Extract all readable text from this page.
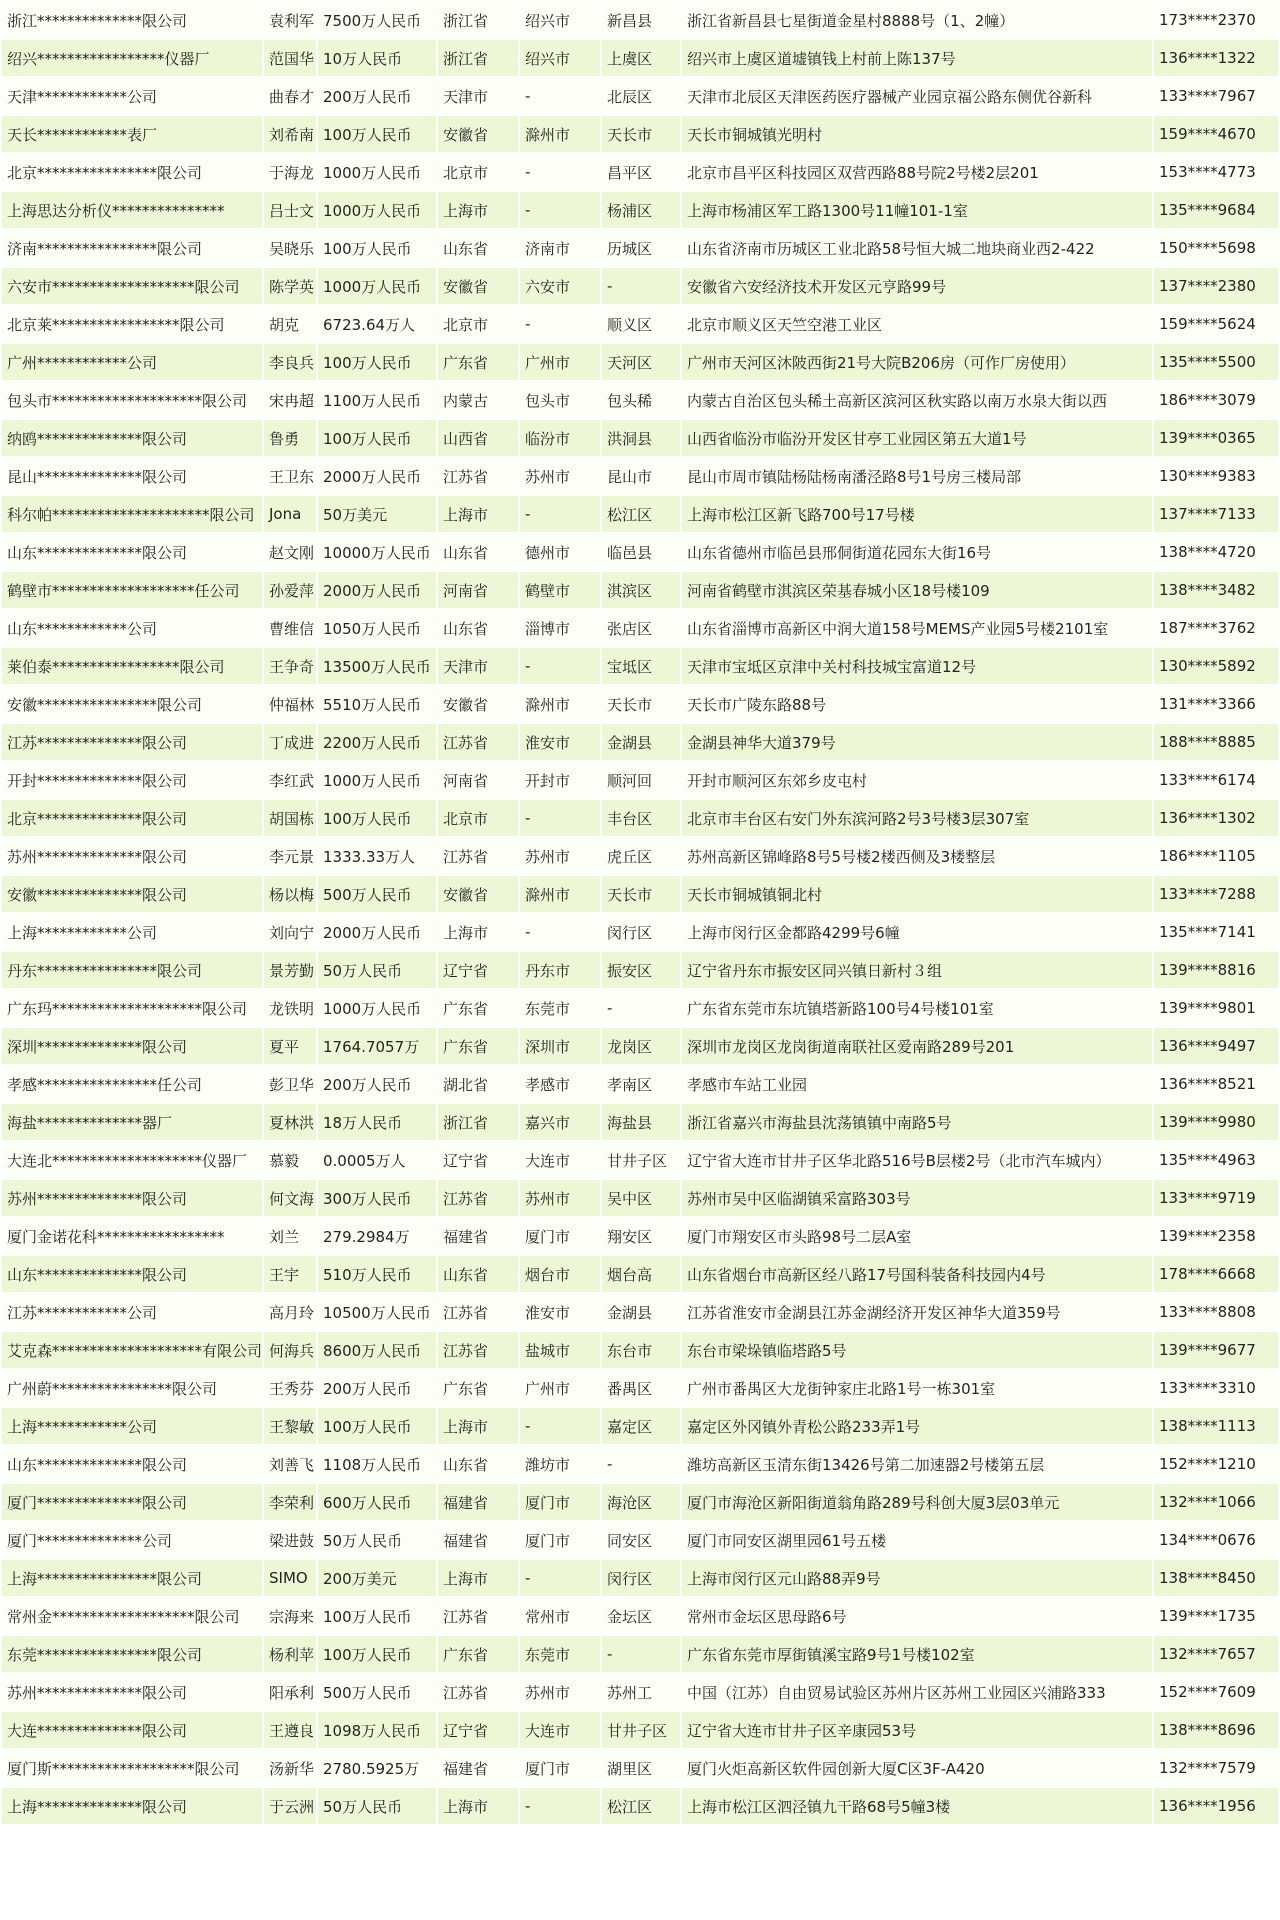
浙江**************限公司	袁利军	7500万人民币	浙江省	绍兴市	新昌县	浙江省新昌县七星街道金星村8888号（1、2幢）	173****2370
绍兴*****************仪器厂	范国华	10万人民币	浙江省	绍兴市	上虞区	绍兴市上虞区道墟镇钱上村前上陈137号	136****1322
天津************公司	曲春才	200万人民币	天津市	-	北辰区	天津市北辰区天津医药医疗器械产业园京福公路东侧优谷新科	133****7967
天长************表厂	刘希南	100万人民币	安徽省	滁州市	天长市	天长市铜城镇光明村	159****4670
北京****************限公司	于海龙	1000万人民币	北京市	-	昌平区	北京市昌平区科技园区双营西路88号院2号楼2层201	153****4773
上海思达分析仪***************	吕士文	1000万人民币	上海市	-	杨浦区	上海市杨浦区军工路1300号11幢101-1室	135****9684
济南****************限公司	吴晓乐	100万人民币	山东省	济南市	历城区	山东省济南市历城区工业北路58号恒大城二地块商业西2-422	150****5698
六安市*******************限公司	陈学英	1000万人民币	安徽省	六安市	-	安徽省六安经济技术开发区元亨路99号	137****2380
北京莱*****************限公司	胡克	6723.64万人	北京市	-	顺义区	北京市顺义区天竺空港工业区	159****5624
广州************公司	李良兵	100万人民币	广东省	广州市	天河区	广州市天河区沐陂西街21号大院B206房（可作厂房使用）	135****5500
包头市********************限公司	宋冉超	1100万人民币	内蒙古	包头市	包头稀	内蒙古自治区包头稀土高新区滨河区秋实路以南万水泉大街以西	186****3079
纳鸥**************限公司	鲁勇	100万人民币	山西省	临汾市	洪洞县	山西省临汾市临汾开发区甘亭工业园区第五大道1号	139****0365
昆山**************限公司	王卫东	2000万人民币	江苏省	苏州市	昆山市	昆山市周市镇陆杨陆杨南潘泾路8号1号房三楼局部	130****9383
科尔帕*********************限公司	Jona	50万美元	上海市	-	松江区	上海市松江区新飞路700号17号楼	137****7133
山东**************限公司	赵文刚	10000万人民币	山东省	德州市	临邑县	山东省德州市临邑县邢侗街道花园东大街16号	138****4720
鹤壁市*******************任公司	孙爱萍	2000万人民币	河南省	鹤壁市	淇滨区	河南省鹤壁市淇滨区荣基春城小区18号楼109	138****3482
山东************公司	曹维信	1050万人民币	山东省	淄博市	张店区	山东省淄博市高新区中润大道158号MEMS产业园5号楼2101室	187****3762
莱伯泰*****************限公司	王争奇	13500万人民币	天津市	-	宝坻区	天津市宝坻区京津中关村科技城宝富道12号	130****5892
安徽****************限公司	仲福林	5510万人民币	安徽省	滁州市	天长市	天长市广陵东路88号	131****3366
江苏**************限公司	丁成进	2200万人民币	江苏省	淮安市	金湖县	金湖县神华大道379号	188****8885
开封**************限公司	李红武	1000万人民币	河南省	开封市	顺河回	开封市顺河区东郊乡皮屯村	133****6174
北京**************限公司	胡国栋	100万人民币	北京市	-	丰台区	北京市丰台区右安门外东滨河路2号3号楼3层307室	136****1302
苏州**************限公司	李元景	1333.33万人	江苏省	苏州市	虎丘区	苏州高新区锦峰路8号5号楼2楼西侧及3楼整层	186****1105
安徽**************限公司	杨以梅	500万人民币	安徽省	滁州市	天长市	天长市铜城镇铜北村	133****7288
上海************公司	刘向宁	2000万人民币	上海市	-	闵行区	上海市闵行区金都路4299号6幢	135****7141
丹东****************限公司	景芳勤	50万人民币	辽宁省	丹东市	振安区	辽宁省丹东市振安区同兴镇日新村３组	139****8816
广东玛********************限公司	龙铁明	1000万人民币	广东省	东莞市	-	广东省东莞市东坑镇塔新路100号4号楼101室	139****9801
深圳**************限公司	夏平	1764.7057万	广东省	深圳市	龙岗区	深圳市龙岗区龙岗街道南联社区爱南路289号201	136****9497
孝感****************任公司	彭卫华	200万人民币	湖北省	孝感市	孝南区	孝感市车站工业园	136****8521
海盐**************器厂	夏林洪	18万人民币	浙江省	嘉兴市	海盐县	浙江省嘉兴市海盐县沈荡镇镇中南路5号	139****9980
大连北********************仪器厂	慕毅	0.0005万人	辽宁省	大连市	甘井子区	辽宁省大连市甘井子区华北路516号B层楼2号（北市汽车城内）	135****4963
苏州**************限公司	何文海	300万人民币	江苏省	苏州市	吴中区	苏州市吴中区临湖镇采富路303号	133****9719
厦门金诺花科*****************	刘兰	279.2984万	福建省	厦门市	翔安区	厦门市翔安区市头路98号二层A室	139****2358
山东**************限公司	王宇	510万人民币	山东省	烟台市	烟台高	山东省烟台市高新区经八路17号国科装备科技园内4号	178****6668
江苏************公司	高月玲	10500万人民币	江苏省	淮安市	金湖县	江苏省淮安市金湖县江苏金湖经济开发区神华大道359号	133****8808
艾克森********************有限公司	何海兵	8600万人民币	江苏省	盐城市	东台市	东台市梁垛镇临塔路5号	139****9677
广州蔚****************限公司	王秀芬	200万人民币	广东省	广州市	番禺区	广州市番禺区大龙街钟家庄北路1号一栋301室	133****3310
上海************公司	王黎敏	100万人民币	上海市	-	嘉定区	嘉定区外冈镇外青松公路233弄1号	138****1113
山东**************限公司	刘善飞	1108万人民币	山东省	潍坊市	-	潍坊高新区玉清东街13426号第二加速器2号楼第五层	152****1210
厦门**************限公司	李荣利	600万人民币	福建省	厦门市	海沧区	厦门市海沧区新阳街道翁角路289号科创大厦3层03单元	132****1066
厦门**************公司	梁进鼓	50万人民币	福建省	厦门市	同安区	厦门市同安区湖里园61号五楼	134****0676
上海****************限公司	SIMO	200万美元	上海市	-	闵行区	上海市闵行区元山路88弄9号	138****8450
常州金*******************限公司	宗海来	100万人民币	江苏省	常州市	金坛区	常州市金坛区思母路6号	139****1735
东莞****************限公司	杨利苹	100万人民币	广东省	东莞市	-	广东省东莞市厚街镇溪宝路9号1号楼102室	132****7657
苏州**************限公司	阳承利	500万人民币	江苏省	苏州市	苏州工	中国（江苏）自由贸易试验区苏州片区苏州工业园区兴浦路333	152****7609
大连**************限公司	王遵良	1098万人民币	辽宁省	大连市	甘井子区	辽宁省大连市甘井子区辛康园53号	138****8696
厦门斯*******************限公司	汤新华	2780.5925万	福建省	厦门市	湖里区	厦门火炬高新区软件园创新大厦C区3F-A420	132****7579
上海**************限公司	于云洲	50万人民币	上海市	-	松江区	上海市松江区泗泾镇九干路68号5幢3楼	136****1956
